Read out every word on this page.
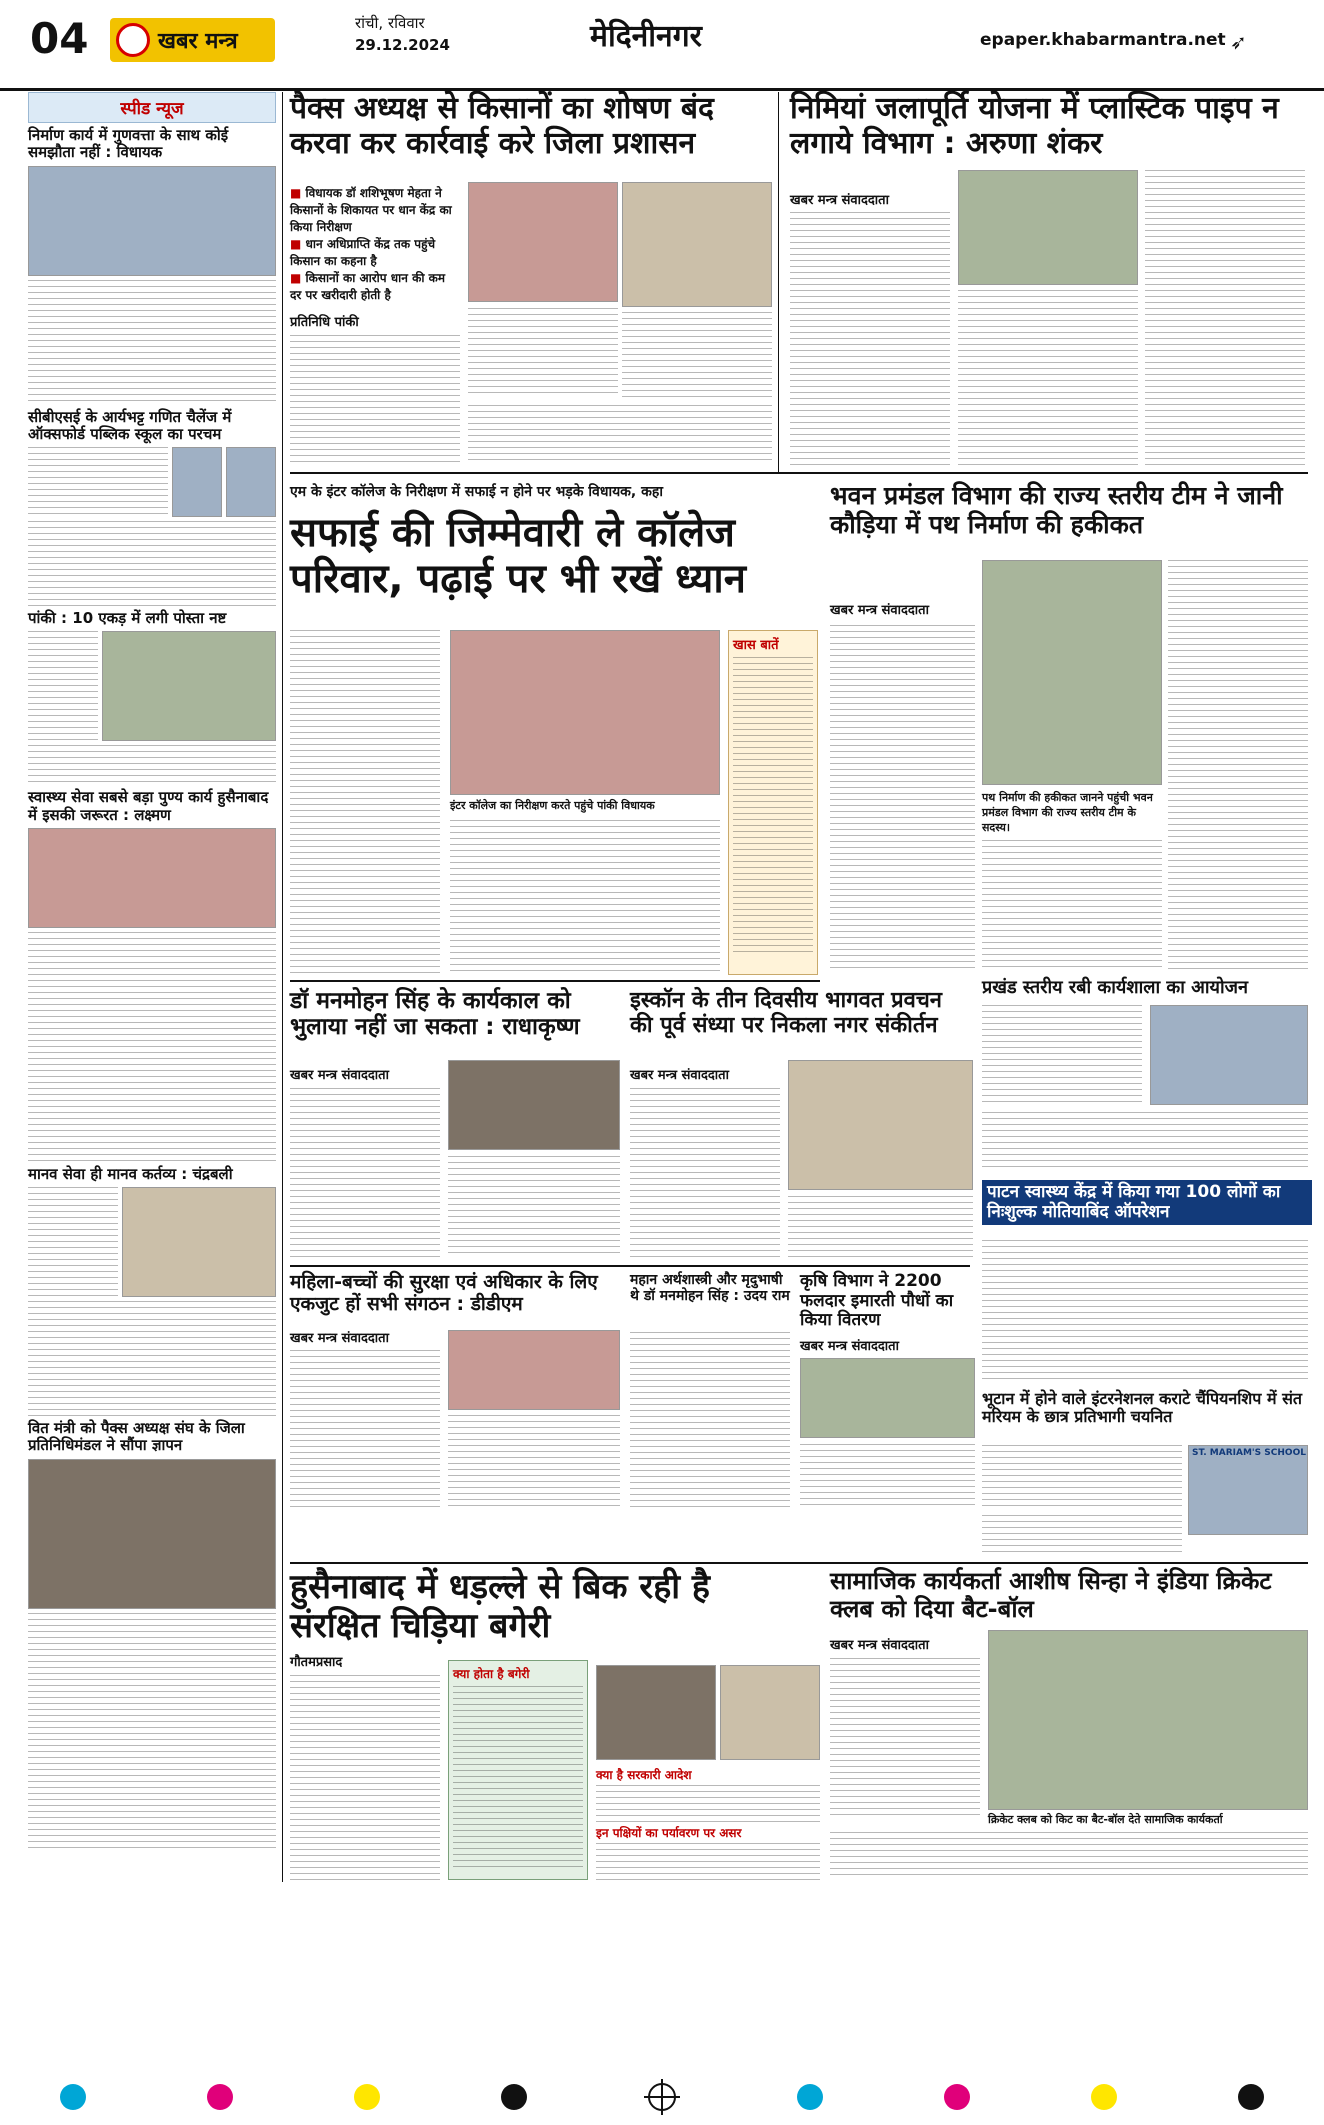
04	खबर मन्त्र
रांची, रविवार
29.12.2024	मेदिनीनगर	epaper.khabarmantra.net ➶
स्पीड न्यूज
निर्माण कार्य में गुणवत्ता के साथ कोई समझौता नहीं : विधायक
सीबीएसई के आर्यभट्ट गणित चैलेंज में ऑक्सफोर्ड पब्लिक स्कूल का परचम
पांकी : 10 एकड़ में लगी पोस्ता नष्ट
स्वास्थ्य सेवा सबसे बड़ा पुण्य कार्य हुसैनाबाद में इसकी जरूरत : लक्ष्मण
मानव सेवा ही मानव कर्तव्य : चंद्रबली
वित मंत्री को पैक्स अध्यक्ष संघ के जिला प्रतिनिधिमंडल ने सौंपा ज्ञापन
पैक्स अध्यक्ष से किसानों का शोषण बंद करवा कर कार्रवाई करे जिला प्रशासन
■ विधायक डॉ शशिभूषण मेहता ने किसानों के शिकायत पर धान केंद्र का किया निरीक्षण
■ धान अधिप्राप्ति केंद्र तक पहुंचे किसान का कहना है
■ किसानों का आरोप धान की कम दर पर खरीदारी होती है
प्रतिनिधि पांकी
निमियां जलापूर्ति योजना में प्लास्टिक पाइप न लगाये विभाग : अरुणा शंकर
खबर मन्त्र संवाददाता
एम के इंटर कॉलेज के निरीक्षण में सफाई न होने पर भड़के विधायक, कहा
सफाई की जिम्मेवारी ले कॉलेज परिवार, पढ़ाई पर भी रखें ध्यान
इंटर कॉलेज का निरीक्षण करते पहुंचे पांकी विधायक
खास बातें
भवन प्रमंडल विभाग की राज्य स्तरीय टीम ने जानी कौड़िया में पथ निर्माण की हकीकत
खबर मन्त्र संवाददाता
पथ निर्माण की हकीकत जानने पहुंची भवन प्रमंडल विभाग की राज्य स्तरीय टीम के सदस्य।
डॉ मनमोहन सिंह के कार्यकाल को भुलाया नहीं जा सकता : राधाकृष्ण
खबर मन्त्र संवाददाता
इस्कॉन के तीन दिवसीय भागवत प्रवचन की पूर्व संध्या पर निकला नगर संकीर्तन
खबर मन्त्र संवाददाता
प्रखंड स्तरीय रबी कार्यशाला का आयोजन
पाटन स्वास्थ्य केंद्र में किया गया 100 लोगों का निःशुल्क मोतियाबिंद ऑपरेशन
महिला-बच्चों की सुरक्षा एवं अधिकार के लिए एकजुट हों सभी संगठन : डीडीएम
खबर मन्त्र संवाददाता
महान अर्थशास्त्री और मृदुभाषी थे डॉ मनमोहन सिंह : उदय राम
कृषि विभाग ने 2200 फलदार इमारती पौधों का किया वितरण
खबर मन्त्र संवाददाता
भूटान में होने वाले इंटरनेशनल कराटे चैंपियनशिप में संत मरियम के छात्र प्रतिभागी चयनित
ST. MARIAM'S SCHOOL
हुसैनाबाद में धड़ल्ले से बिक रही है संरक्षित चिड़िया बगेरी
गौतमप्रसाद
क्या होता है बगेरी
क्या है सरकारी आदेश
इन पक्षियों का पर्यावरण पर असर
सामाजिक कार्यकर्ता आशीष सिन्हा ने इंडिया क्रिकेट क्लब को दिया बैट-बॉल
खबर मन्त्र संवाददाता
क्रिकेट क्लब को किट का बैट-बॉल देते सामाजिक कार्यकर्ता
